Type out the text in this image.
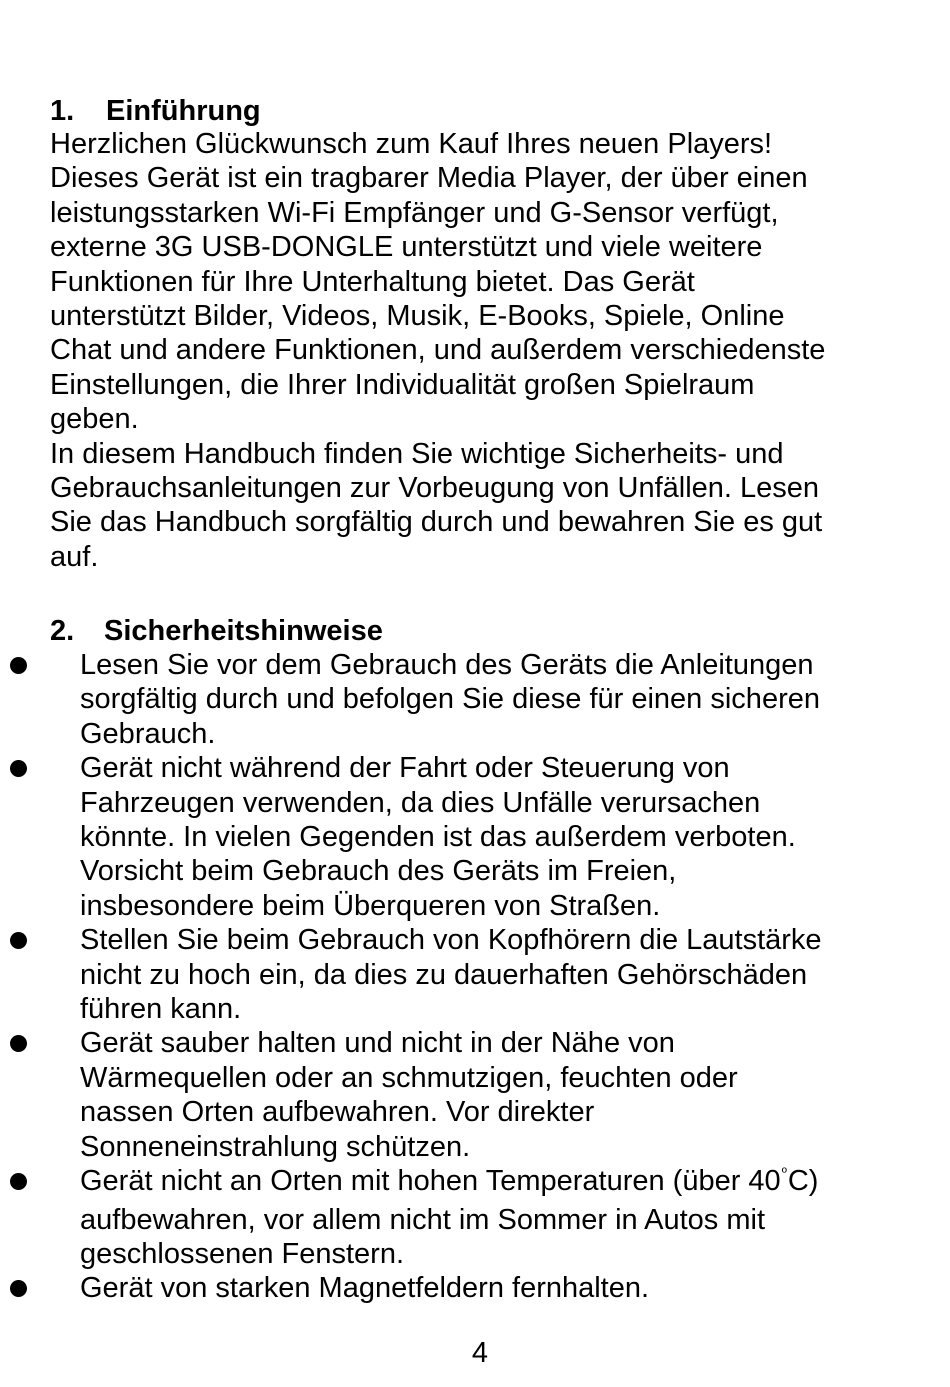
1. Einführung

Herzlichen Glückwunsch zum Kauf Ihres neuen Players!

Dieses Gerät ist ein tragbarer Media Player, der über einen

leistungsstarken Wi-Fi Empfänger und G-Sensor verfügt,

externe 3G USB-DONGLE unterstützt und viele weitere

Funktionen für Ihre Unterhaltung bietet. Das Gerät

unterstützt Bilder, Videos, Musik, E-Books, Spiele, Online

Chat und andere Funktionen, und außerdem verschiedenste

Einstellungen, die Ihrer Individualität großen Spielraum

geben.

In diesem Handbuch finden Sie wichtige Sicherheits- und

Gebrauchsanleitungen zur Vorbeugung von Unfällen. Lesen

Sie das Handbuch sorgfältig durch und bewahren Sie es gut

auf.

2. Sicherheitshinweise
Lesen Sie vor dem Gebrauch des Geräts die Anleitungen
sorgfältig durch und befolgen Sie diese für einen sicheren
Gebrauch.
Gerät nicht während der Fahrt oder Steuerung von
Fahrzeugen verwenden, da dies Unfälle verursachen
könnte. In vielen Gegenden ist das außerdem verboten.
Vorsicht beim Gebrauch des Geräts im Freien,
insbesondere beim Überqueren von Straßen.
Stellen Sie beim Gebrauch von Kopfhörern die Lautstärke
nicht zu hoch ein, da dies zu dauerhaften Gehörschäden
führen kann.
Gerät sauber halten und nicht in der Nähe von
Wärmequellen oder an schmutzigen, feuchten oder
nassen Orten aufbewahren. Vor direkter
Sonneneinstrahlung schützen.
Gerät nicht an Orten mit hohen Temperaturen (über $40^ºC$)
aufbewahren, vor allem nicht im Sommer in Autos mit
geschlossenen Fenstern.
Gerät von starken Magnetfeldern fernhalten.
4
